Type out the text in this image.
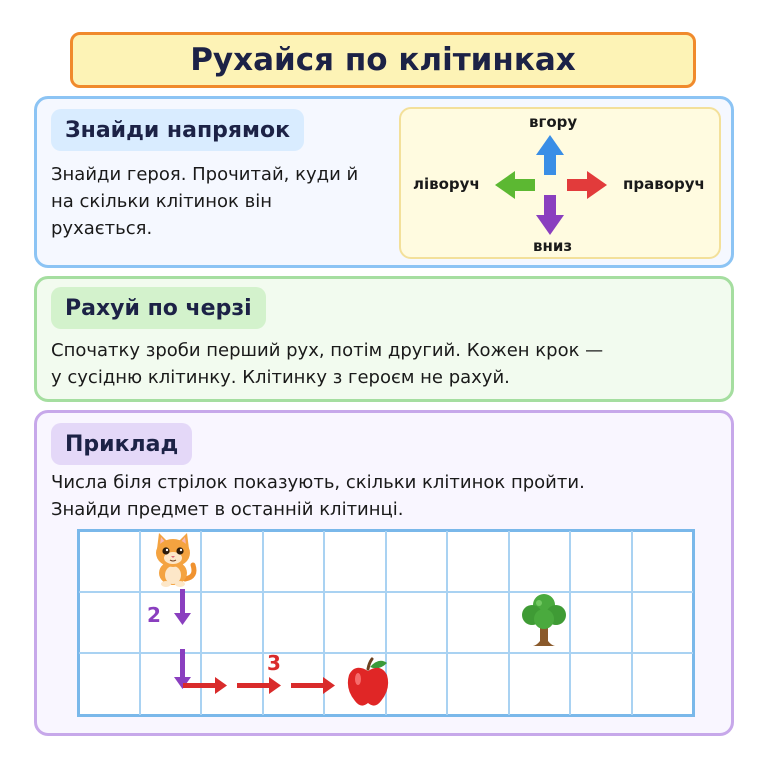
Рухайся по клітинках
Знайди напрямок
Знайди героя. Прочитай, куди й
на скільки клітинок він
рухається.
вгору
вниз
ліворуч	праворуч
Рахуй по черзі
Спочатку зроби перший рух, потім другий. Кожен крок —
у сусідню клітинку. Клітинку з героєм не рахуй.
Приклад
Числа біля стрілок показують, скільки клітинок пройти.
Знайди предмет в останній клітинці.
2
3
